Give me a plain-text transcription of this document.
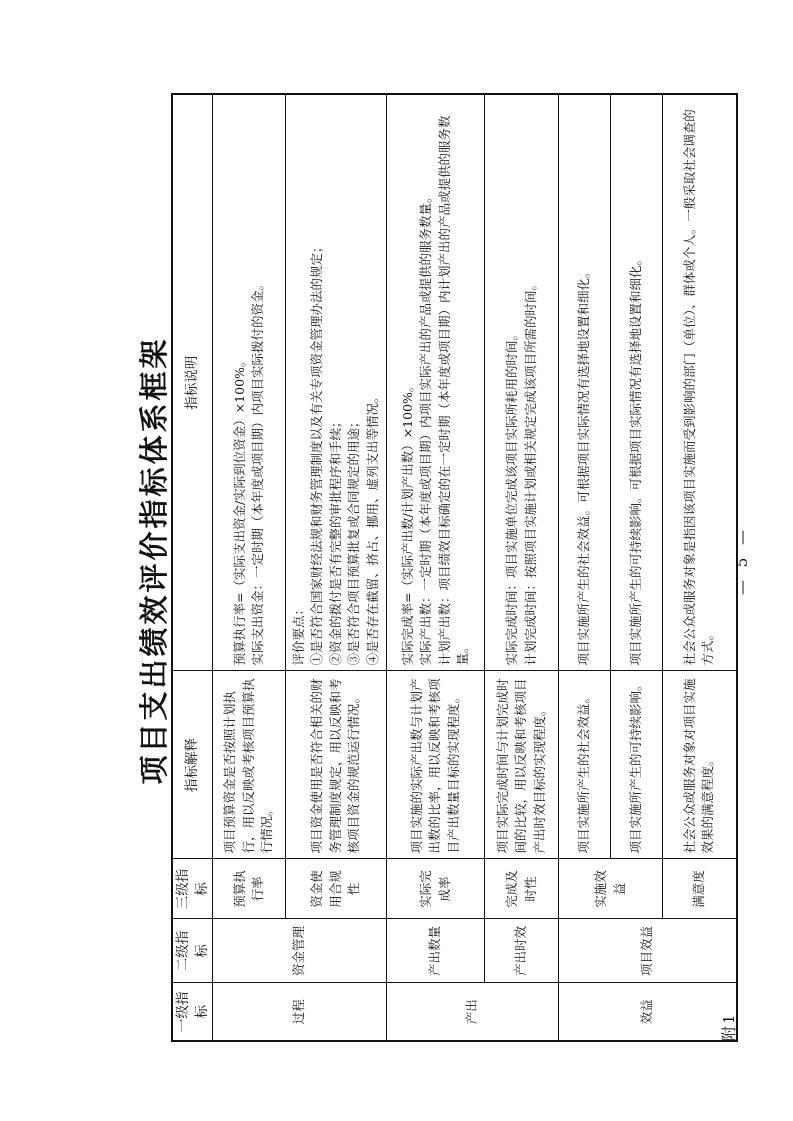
附1
项目支出绩效评价指标体系框架
一级指标	二级指标	三级指标	指标解释	指标说明
过程	资金管理	预算执行率	项目预算资金是否按照计划执行，用以反映或考核项目预算执行情况。	预算执行率=（实际支出资金/实际到位资金）×100%。 实际支出资金：一定时期（本年度或项目期）内项目实际拨付的资金。

		资金使用合规性	项目资金使用是否符合相关的财务管理制度规定，用以反映和考核项目资金的规范运行情况。	评价要点： ①是否符合国家财经法规和财务管理制度以及有关专项资金管理办法的规定； ②资金的拨付是否有完整的审批程序和手续； ③是否符合项目预算批复或合同规定的用途； ④是否存在截留、挤占、挪用、虚列支出等情况。

产出	产出数量	实际完成率	项目实施的实际产出数与计划产出数的比率，用以反映和考核项目产出数量目标的实现程度。	实际完成率=（实际产出数/计划产出数）×100%。 实际产出数：一定时期（本年度或项目期）内项目实际产出的产品或提供的服务数量。 计划产出数：项目绩效目标确定的在一定时期（本年度或项目期）内计划产出的产品或提供的服务数量。

	产出时效	完成及时性	项目实际完成时间与计划完成时间的比较，用以反映和考核项目产出时效目标的实现程度。	实际完成时间：项目实施单位完成该项目实际所耗用的时间。 计划完成时间：按照项目实施计划或相关规定完成该项目所需的时间。

效益	项目效益	实施效益	项目实施所产生的社会效益。	项目实施所产生的社会效益。可根据项目实际情况有选择地设置和细化。

			项目实施所产生的可持续影响。	项目实施所产生的可持续影响。可根据项目实际情况有选择地设置和细化。

		满意度	社会公众或服务对象对项目实施效果的满意程度。	社会公众或服务对象是指因该项目实施而受到影响的部门（单位）、群体或个人。一般采取社会调查的方式。
— 5 —
